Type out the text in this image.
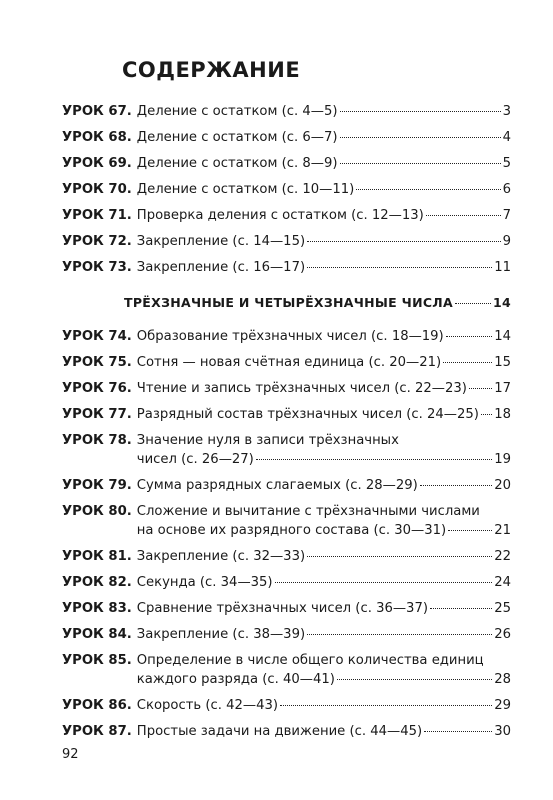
СОДЕРЖАНИЕ
УРОК 67. Деление с остатком (с. 4—5)	3
УРОК 68. Деление с остатком (с. 6—7)	4
УРОК 69. Деление с остатком (с. 8—9)	5
УРОК 70. Деление с остатком (с. 10—11)	6
УРОК 71. Проверка деления с остатком (с. 12—13)	7
УРОК 72. Закрепление (с. 14—15)	9
УРОК 73. Закрепление (с. 16—17)	11
ТРЁХЗНАЧНЫЕ И ЧЕТЫРЁХЗНАЧНЫЕ ЧИСЛА	14
УРОК 74. Образование трёхзначных чисел (с. 18—19)	14
УРОК 75. Сотня — новая счётная единица (с. 20—21)	15
УРОК 76. Чтение и запись трёхзначных чисел (с. 22—23) 17
УРОК 77. Разрядный состав трёхзначных чисел (с. 24—25) 18
УРОК 78. Значение нуля в записи трёхзначных
чисел (с. 26—27)	19
УРОК 79. Сумма разрядных слагаемых (с. 28—29)	20
УРОК 80. Сложение и вычитание с трёхзначными числами
на основе их разрядного состава (с. 30—31)	21
УРОК 81. Закрепление (с. 32—33)	22
УРОК 82. Секунда (с. 34—35)	24
УРОК 83. Сравнение трёхзначных чисел (с. 36—37)	25
УРОК 84. Закрепление (с. 38—39)	26
УРОК 85. Определение в числе общего количества единиц
каждого разряда (с. 40—41)	28
УРОК 86. Скорость (с. 42—43)	29
УРОК 87. Простые задачи на движение (с. 44—45)	30
92
